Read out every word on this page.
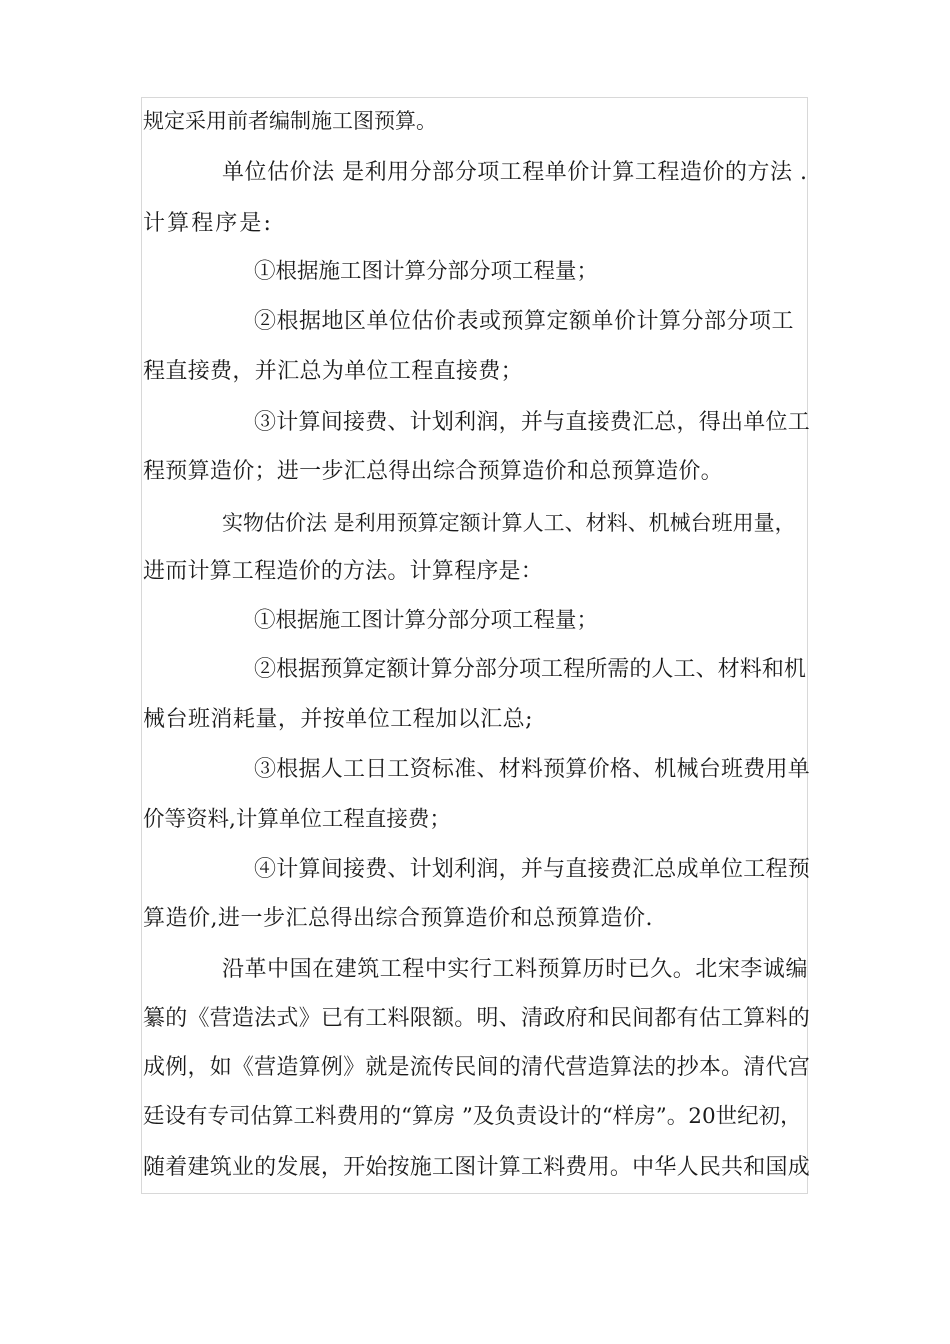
规定采用前者编制施工图预算。
单位估价法 是利用分部分项工程单价计算工程造价的方法 .
计算程序是:
①根据施工图计算分部分项工程量；
②根据地区单位估价表或预算定额单价计算分部分项工
程直接费，并汇总为单位工程直接费；
③计算间接费、计划利润，并与直接费汇总，得出单位工
程预算造价；进一步汇总得出综合预算造价和总预算造价。
实物估价法 是利用预算定额计算人工、材料、机械台班用量，
进而计算工程造价的方法。计算程序是：
①根据施工图计算分部分项工程量；
②根据预算定额计算分部分项工程所需的人工、材料和机
械台班消耗量，并按单位工程加以汇总;
③根据人工日工资标准、材料预算价格、机械台班费用单
价等资料,计算单位工程直接费；
④计算间接费、计划利润，并与直接费汇总成单位工程预
算造价,进一步汇总得出综合预算造价和总预算造价.
沿革中国在建筑工程中实行工料预算历时已久。北宋李诚编
纂的《营造法式》已有工料限额。明、清政府和民间都有估工算料的
成例，如《营造算例》就是流传民间的清代营造算法的抄本。清代宫
廷设有专司估算工料费用的“算房 ”及负责设计的“样房”。20世纪初，
随着建筑业的发展，开始按施工图计算工料费用。中华人民共和国成
